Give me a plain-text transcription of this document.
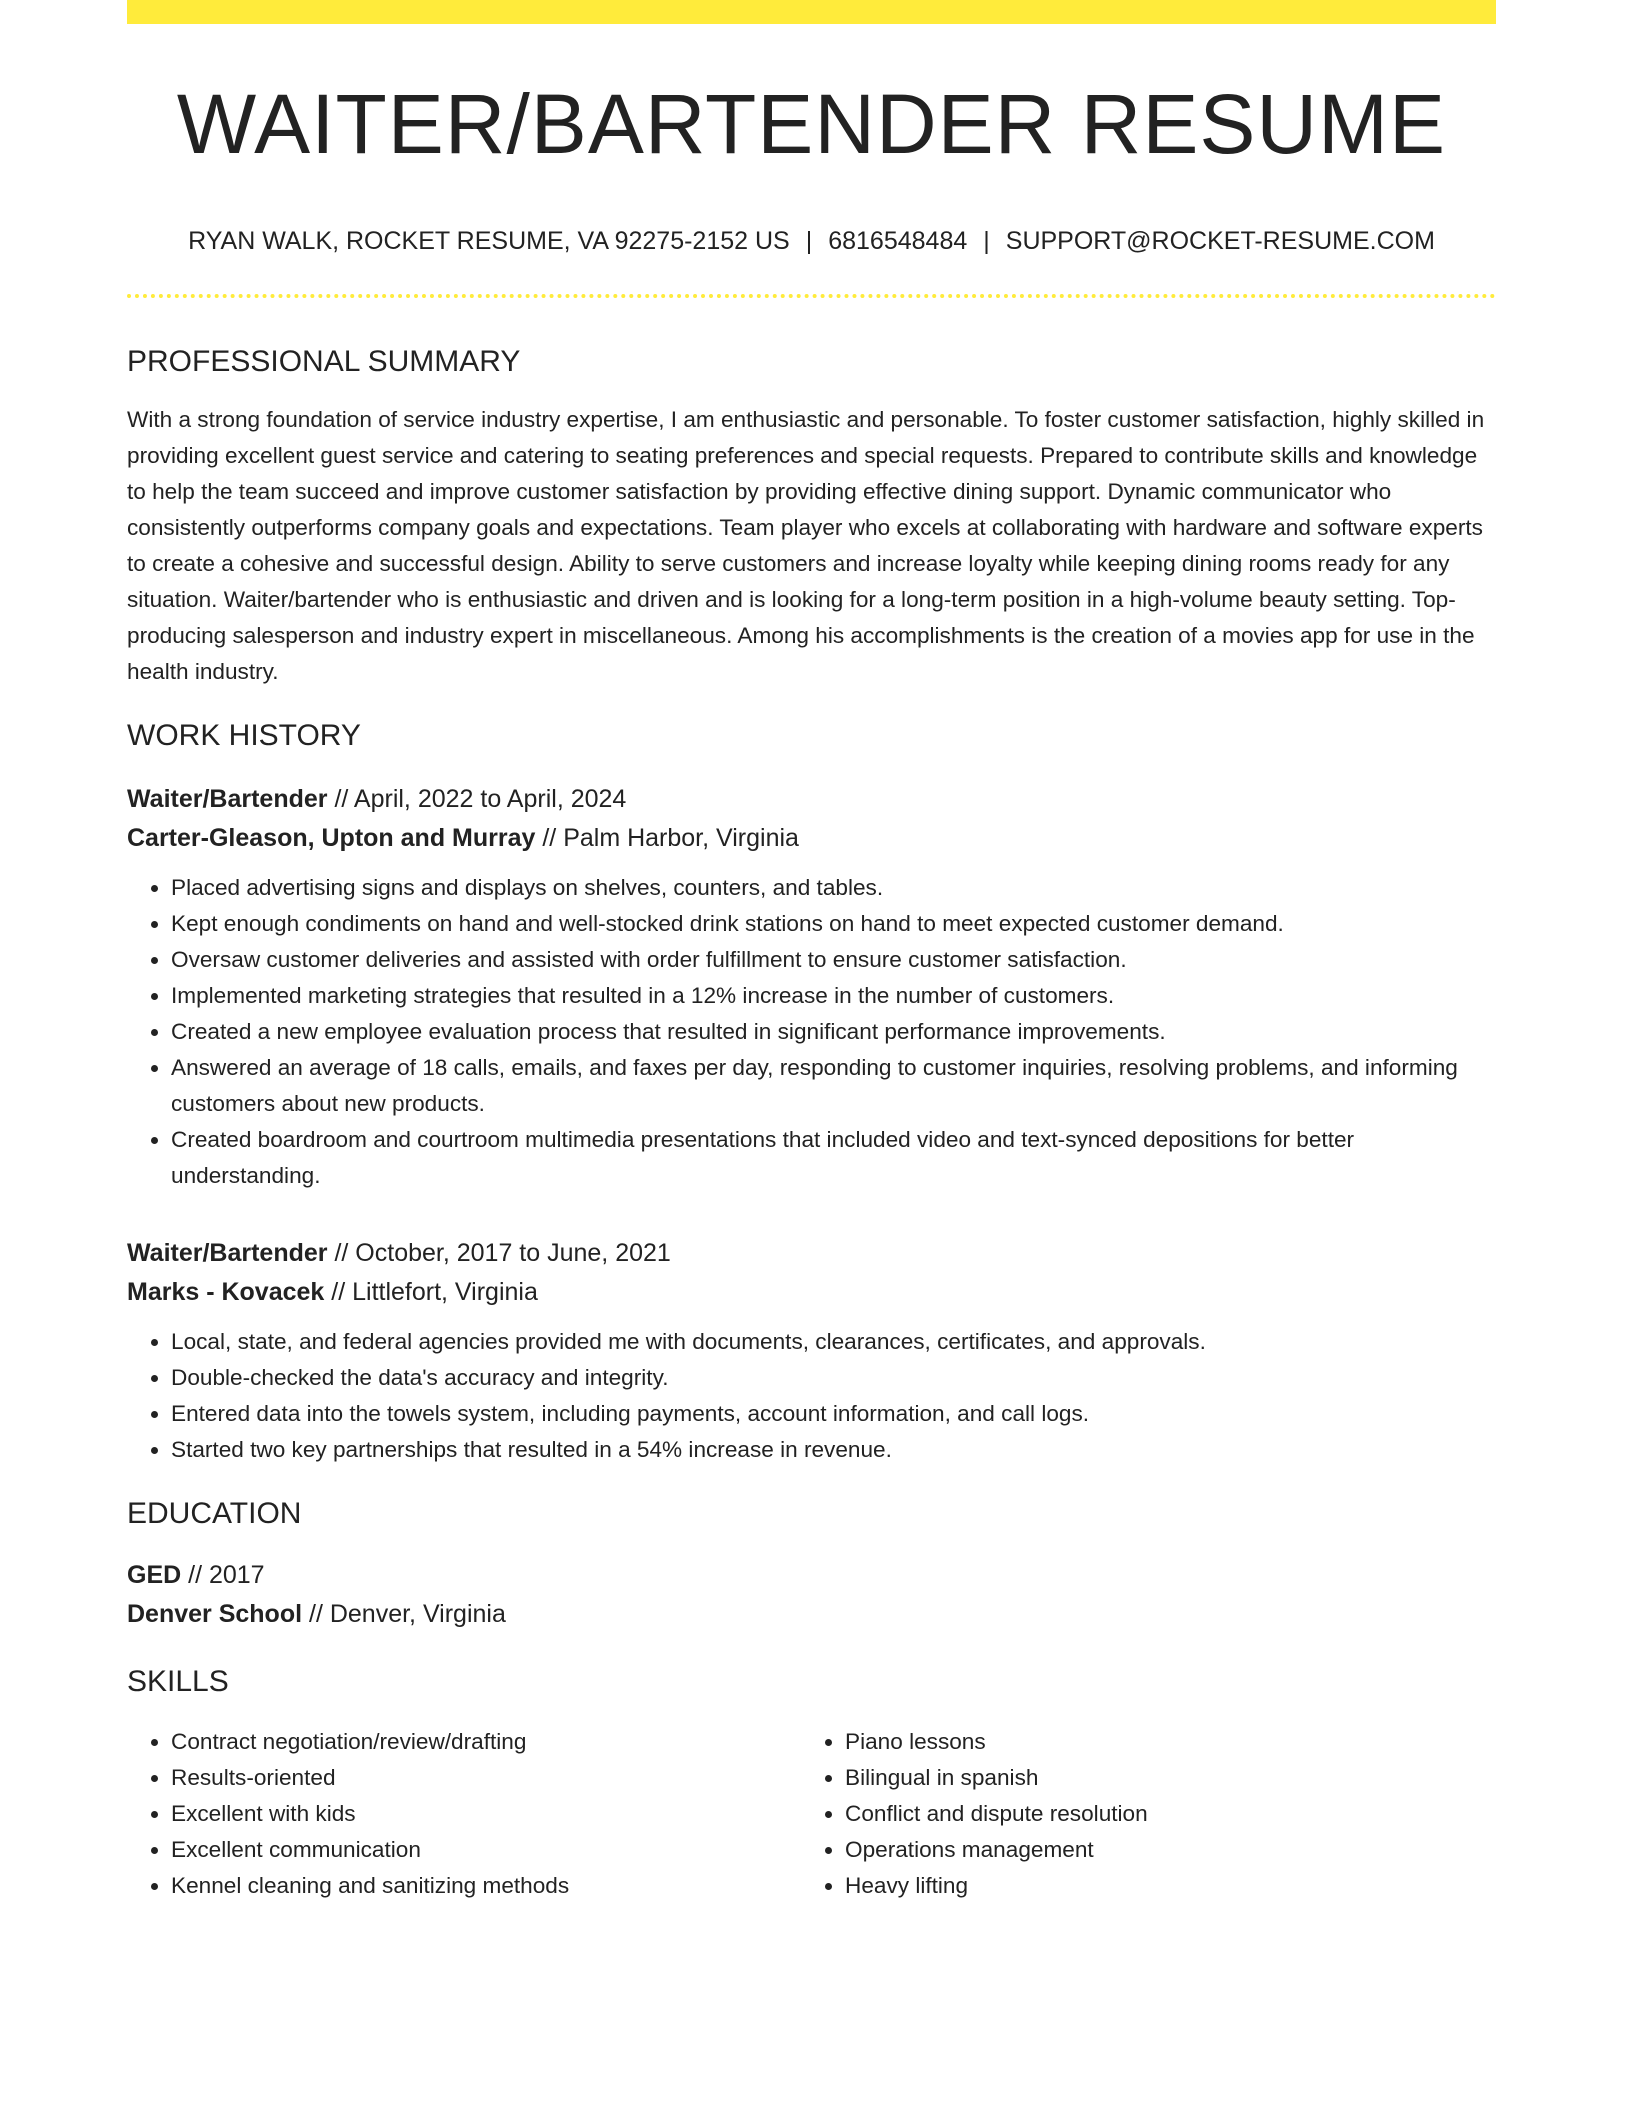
WAITER/BARTENDER RESUME
RYAN WALK, ROCKET RESUME, VA 92275-2152 US | 6816548484 | SUPPORT@ROCKET-RESUME.COM
PROFESSIONAL SUMMARY

With a strong foundation of service industry expertise, I am enthusiastic and personable. To foster customer satisfaction, highly skilled in providing excellent guest service and catering to seating preferences and special requests. Prepared to contribute skills and knowledge to help the team succeed and improve customer satisfaction by providing effective dining support. Dynamic communicator who consistently outperforms company goals and expectations. Team player who excels at collaborating with hardware and software experts to create a cohesive and successful design. Ability to serve customers and increase loyalty while keeping dining rooms ready for any situation. Waiter/bartender who is enthusiastic and driven and is looking for a long-term position in a high-volume beauty setting. Top-producing salesperson and industry expert in miscellaneous. Among his accomplishments is the creation of a movies app for use in the health industry.

WORK HISTORY
Waiter/Bartender // April, 2022 to April, 2024
Carter-Gleason, Upton and Murray // Palm Harbor, Virginia
• Placed advertising signs and displays on shelves, counters, and tables.
• Kept enough condiments on hand and well-stocked drink stations on hand to meet expected customer demand.
• Oversaw customer deliveries and assisted with order fulfillment to ensure customer satisfaction.
• Implemented marketing strategies that resulted in a 12% increase in the number of customers.
• Created a new employee evaluation process that resulted in significant performance improvements.
• Answered an average of 18 calls, emails, and faxes per day, responding to customer inquiries, resolving problems, and informing customers about new products.
• Created boardroom and courtroom multimedia presentations that included video and text-synced depositions for better understanding.
Waiter/Bartender // October, 2017 to June, 2021
Marks - Kovacek // Littlefort, Virginia
• Local, state, and federal agencies provided me with documents, clearances, certificates, and approvals.
• Double-checked the data's accuracy and integrity.
• Entered data into the towels system, including payments, account information, and call logs.
• Started two key partnerships that resulted in a 54% increase in revenue.
EDUCATION
GED // 2017
Denver School // Denver, Virginia
SKILLS
• Contract negotiation/review/drafting
• Results-oriented
• Excellent with kids
• Excellent communication
• Kennel cleaning and sanitizing methods
• Piano lessons
• Bilingual in spanish
• Conflict and dispute resolution
• Operations management
• Heavy lifting
